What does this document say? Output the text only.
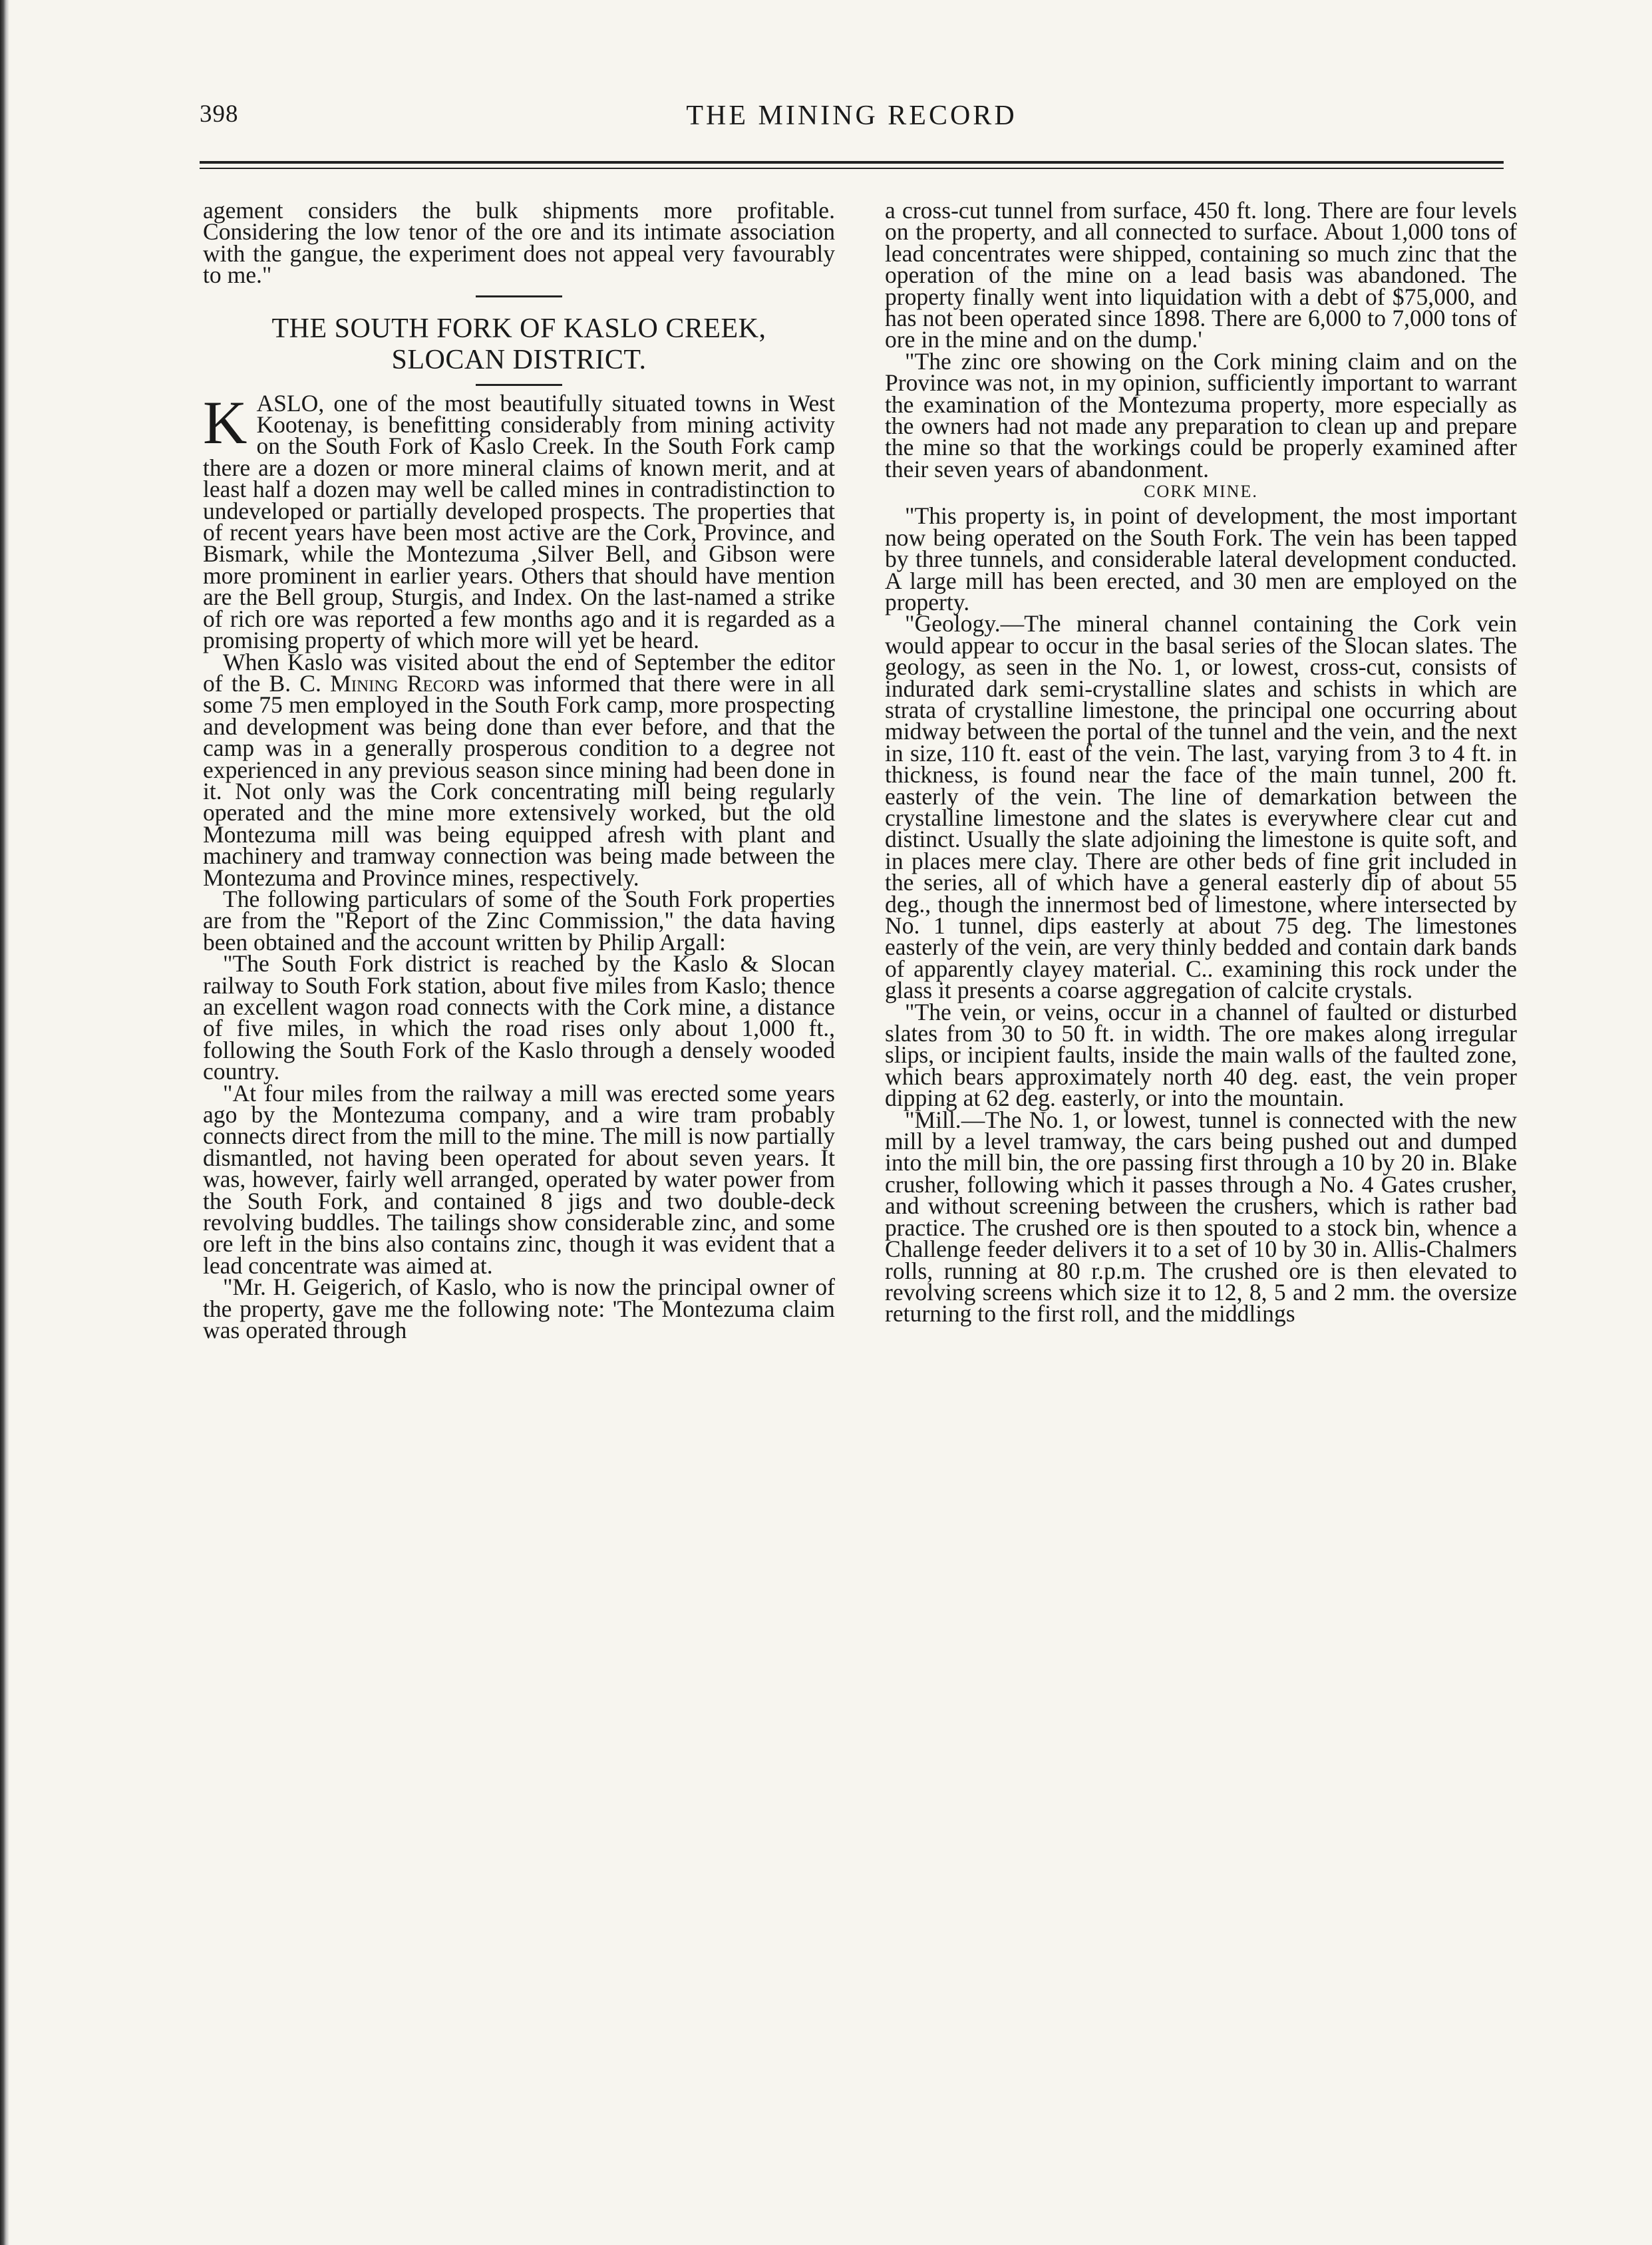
398	THE MINING RECORD

agement considers the bulk shipments more profitable. Considering the low tenor of the ore and its intimate association with the gangue, the experiment does not appeal very favourably to me."

THE SOUTH FORK OF KASLO CREEK,
SLOCAN DISTRICT.

KASLO, one of the most beautifully situated towns in West Kootenay, is benefitting considerably from mining activity on the South Fork of Kaslo Creek. In the South Fork camp there are a dozen or more mineral claims of known merit, and at least half a dozen may well be called mines in contradistinction to undeveloped or partially developed prospects. The properties that of recent years have been most active are the Cork, Province, and Bismark, while the Montezuma ,Silver Bell, and Gibson were more prominent in earlier years. Others that should have mention are the Bell group, Sturgis, and Index. On the last-named a strike of rich ore was reported a few months ago and it is regarded as a promising property of which more will yet be heard.

When Kaslo was visited about the end of September the editor of the B. C. Mining Record was informed that there were in all some 75 men employed in the South Fork camp, more prospecting and development was being done than ever before, and that the camp was in a generally prosperous condition to a degree not experienced in any previous season since mining had been done in it. Not only was the Cork concentrating mill being regularly operated and the mine more extensively worked, but the old Montezuma mill was being equipped afresh with plant and machinery and tramway connection was being made between the Montezuma and Province mines, respectively.

The following particulars of some of the South Fork properties are from the "Report of the Zinc Commission," the data having been obtained and the account written by Philip Argall:

"The South Fork district is reached by the Kaslo & Slocan railway to South Fork station, about five miles from Kaslo; thence an excellent wagon road connects with the Cork mine, a distance of five miles, in which the road rises only about 1,000 ft., following the South Fork of the Kaslo through a densely wooded country.

"At four miles from the railway a mill was erected some years ago by the Montezuma company, and a wire tram probably connects direct from the mill to the mine. The mill is now partially dismantled, not having been operated for about seven years. It was, however, fairly well arranged, operated by water power from the South Fork, and contained 8 jigs and two double-deck revolving buddles. The tailings show considerable zinc, and some ore left in the bins also contains zinc, though it was evident that a lead concentrate was aimed at.

"Mr. H. Geigerich, of Kaslo, who is now the principal owner of the property, gave me the following note: 'The Montezuma claim was operated through

a cross-cut tunnel from surface, 450 ft. long. There are four levels on the property, and all connected to surface. About 1,000 tons of lead concentrates were shipped, containing so much zinc that the operation of the mine on a lead basis was abandoned. The property finally went into liquidation with a debt of $75,000, and has not been operated since 1898. There are 6,000 to 7,000 tons of ore in the mine and on the dump.'

"The zinc ore showing on the Cork mining claim and on the Province was not, in my opinion, sufficiently important to warrant the examination of the Montezuma property, more especially as the owners had not made any preparation to clean up and prepare the mine so that the workings could be properly examined after their seven years of abandonment.

CORK MINE.

"This property is, in point of development, the most important now being operated on the South Fork. The vein has been tapped by three tunnels, and considerable lateral development conducted. A large mill has been erected, and 30 men are employed on the property.

"Geology.—The mineral channel containing the Cork vein would appear to occur in the basal series of the Slocan slates. The geology, as seen in the No. 1, or lowest, cross-cut, consists of indurated dark semi-crystalline slates and schists in which are strata of crystalline limestone, the principal one occurring about midway between the portal of the tunnel and the vein, and the next in size, 110 ft. east of the vein. The last, varying from 3 to 4 ft. in thickness, is found near the face of the main tunnel, 200 ft. easterly of the vein. The line of demarkation between the crystalline limestone and the slates is everywhere clear cut and distinct. Usually the slate adjoining the limestone is quite soft, and in places mere clay. There are other beds of fine grit included in the series, all of which have a general easterly dip of about 55 deg., though the innermost bed of limestone, where intersected by No. 1 tunnel, dips easterly at about 75 deg. The limestones easterly of the vein, are very thinly bedded and contain dark bands of apparently clayey material. C.. examining this rock under the glass it presents a coarse aggregation of calcite crystals.

"The vein, or veins, occur in a channel of faulted or disturbed slates from 30 to 50 ft. in width. The ore makes along irregular slips, or incipient faults, inside the main walls of the faulted zone, which bears approximately north 40 deg. east, the vein proper dipping at 62 deg. easterly, or into the mountain.

"Mill.—The No. 1, or lowest, tunnel is connected with the new mill by a level tramway, the cars being pushed out and dumped into the mill bin, the ore passing first through a 10 by 20 in. Blake crusher, following which it passes through a No. 4 Gates crusher, and without screening between the crushers, which is rather bad practice. The crushed ore is then spouted to a stock bin, whence a Challenge feeder delivers it to a set of 10 by 30 in. Allis-Chalmers rolls, running at 80 r.p.m. The crushed ore is then elevated to revolving screens which size it to 12, 8, 5 and 2 mm. the oversize returning to the first roll, and the middlings
